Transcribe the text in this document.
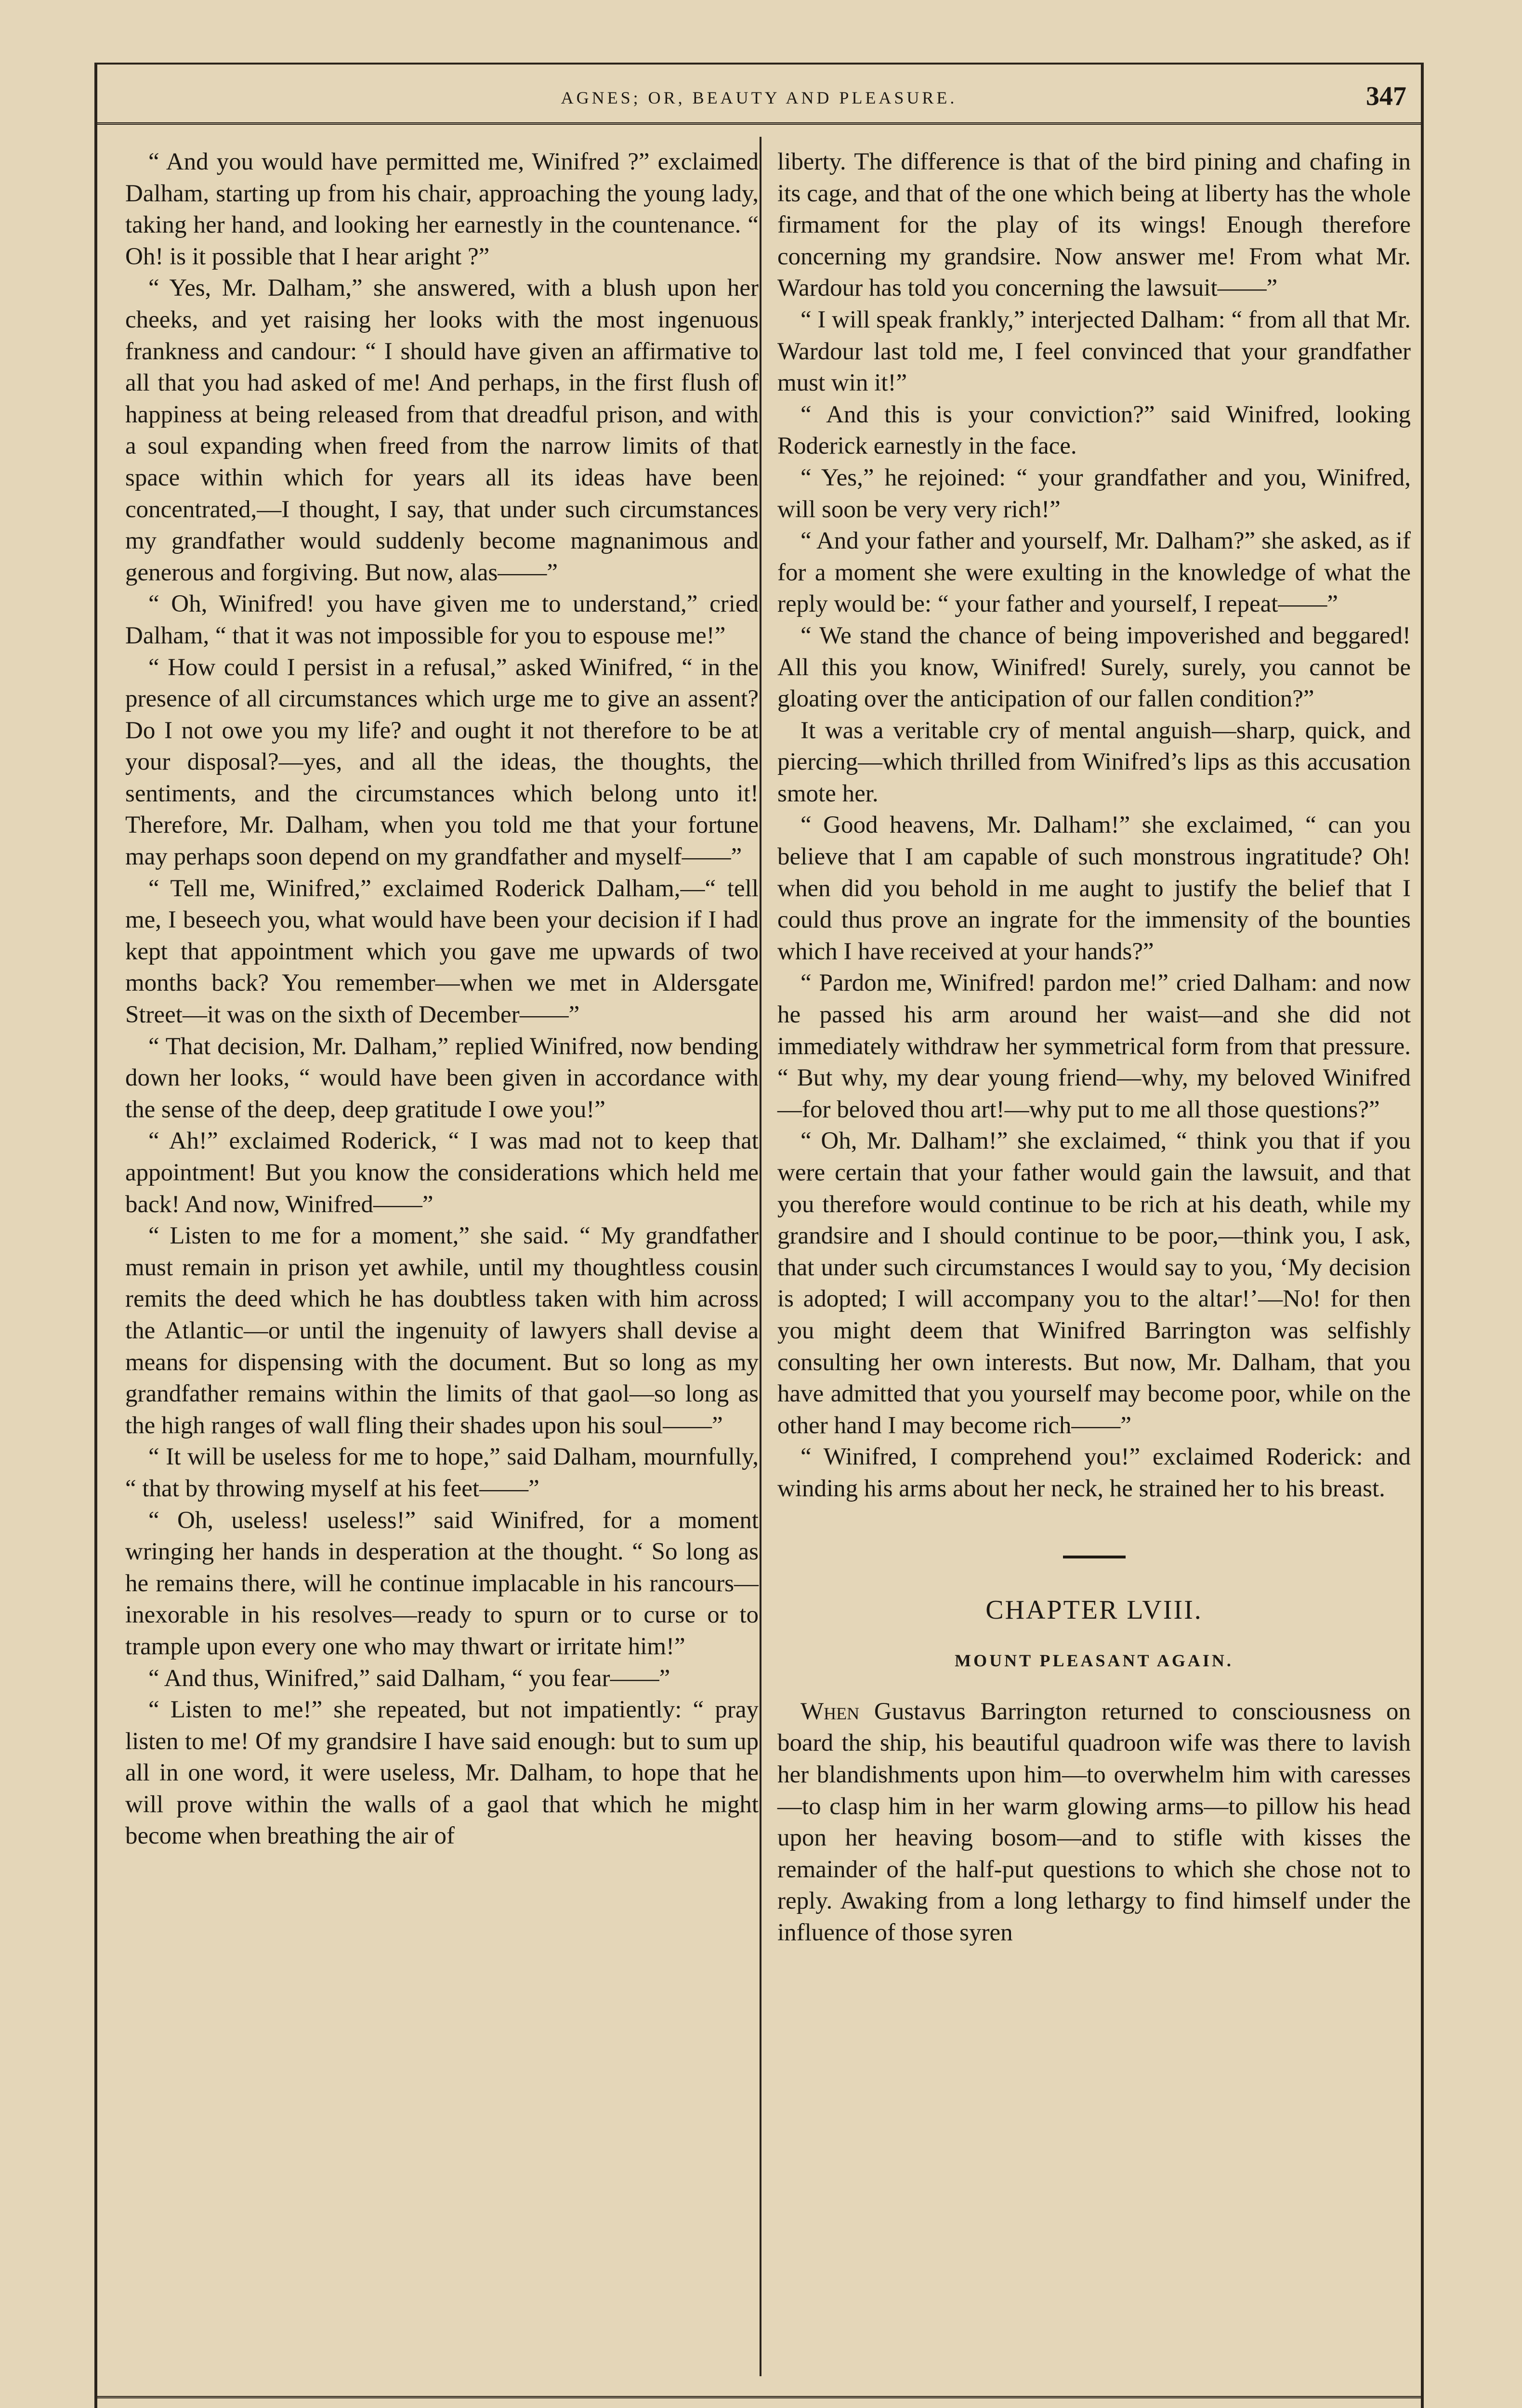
AGNES; OR, BEAUTY AND PLEASURE.	347

“ And you would have permitted me, Winifred ?” exclaimed Dalham, starting up from his chair, approaching the young lady, taking her hand, and looking her earnestly in the countenance. “ Oh! is it possible that I hear aright ?”

“ Yes, Mr. Dalham,” she answered, with a blush upon her cheeks, and yet raising her looks with the most ingenuous frankness and candour: “ I should have given an affirmative to all that you had asked of me! And perhaps, in the first flush of happiness at being released from that dreadful prison, and with a soul expanding when freed from the narrow limits of that space within which for years all its ideas have been concentrated,—I thought, I say, that under such circumstances my grandfather would suddenly become magnanimous and generous and forgiving. But now, alas——”

“ Oh, Winifred! you have given me to understand,” cried Dalham, “ that it was not impossible for you to espouse me!”

“ How could I persist in a refusal,” asked Winifred, “ in the presence of all circumstances which urge me to give an assent? Do I not owe you my life? and ought it not therefore to be at your disposal?—yes, and all the ideas, the thoughts, the sentiments, and the circumstances which belong unto it! Therefore, Mr. Dalham, when you told me that your fortune may perhaps soon depend on my grandfather and myself——”

“ Tell me, Winifred,” exclaimed Roderick Dalham,—“ tell me, I beseech you, what would have been your decision if I had kept that appointment which you gave me upwards of two months back? You remember—when we met in Aldersgate Street—it was on the sixth of December——”

“ That decision, Mr. Dalham,” replied Winifred, now bending down her looks, “ would have been given in accordance with the sense of the deep, deep gratitude I owe you!”

“ Ah!” exclaimed Roderick, “ I was mad not to keep that appointment! But you know the considerations which held me back! And now, Winifred——”

“ Listen to me for a moment,” she said. “ My grandfather must remain in prison yet awhile, until my thoughtless cousin remits the deed which he has doubtless taken with him across the Atlantic—or until the ingenuity of lawyers shall devise a means for dispensing with the document. But so long as my grandfather remains within the limits of that gaol—so long as the high ranges of wall fling their shades upon his soul——”

“ It will be useless for me to hope,” said Dalham, mournfully, “ that by throwing myself at his feet——”

“ Oh, useless! useless!” said Winifred, for a moment wringing her hands in desperation at the thought. “ So long as he remains there, will he continue implacable in his rancours—inexorable in his resolves—ready to spurn or to curse or to trample upon every one who may thwart or irritate him!”

“ And thus, Winifred,” said Dalham, “ you fear——”

“ Listen to me!” she repeated, but not impatiently: “ pray listen to me! Of my grandsire I have said enough: but to sum up all in one word, it were useless, Mr. Dalham, to hope that he will prove within the walls of a gaol that which he might become when breathing the air of

liberty. The difference is that of the bird pining and chafing in its cage, and that of the one which being at liberty has the whole firmament for the play of its wings! Enough therefore concerning my grandsire. Now answer me! From what Mr. Wardour has told you concerning the lawsuit——”

“ I will speak frankly,” interjected Dalham: “ from all that Mr. Wardour last told me, I feel convinced that your grandfather must win it!”

“ And this is your conviction?” said Winifred, looking Roderick earnestly in the face.

“ Yes,” he rejoined: “ your grandfather and you, Winifred, will soon be very very rich!”

“ And your father and yourself, Mr. Dalham?” she asked, as if for a moment she were exulting in the knowledge of what the reply would be: “ your father and yourself, I repeat——”

“ We stand the chance of being impoverished and beggared! All this you know, Winifred! Surely, surely, you cannot be gloating over the anticipation of our fallen condition?”

It was a veritable cry of mental anguish—sharp, quick, and piercing—which thrilled from Winifred’s lips as this accusation smote her.

“ Good heavens, Mr. Dalham!” she exclaimed, “ can you believe that I am capable of such monstrous ingratitude? Oh! when did you behold in me aught to justify the belief that I could thus prove an ingrate for the immensity of the bounties which I have received at your hands?”

“ Pardon me, Winifred! pardon me!” cried Dalham: and now he passed his arm around her waist—and she did not immediately withdraw her symmetrical form from that pressure. “ But why, my dear young friend—why, my beloved Winifred—for beloved thou art!—why put to me all those questions?”

“ Oh, Mr. Dalham!” she exclaimed, “ think you that if you were certain that your father would gain the lawsuit, and that you therefore would continue to be rich at his death, while my grandsire and I should continue to be poor,—think you, I ask, that under such circumstances I would say to you, ‘My decision is adopted; I will accompany you to the altar!’—No! for then you might deem that Winifred Barrington was selfishly consulting her own interests. But now, Mr. Dalham, that you have admitted that you yourself may become poor, while on the other hand I may become rich——”

“ Winifred, I comprehend you!” exclaimed Roderick: and winding his arms about her neck, he strained her to his breast.

CHAPTER LVIII.
MOUNT PLEASANT AGAIN.

When Gustavus Barrington returned to consciousness on board the ship, his beautiful quadroon wife was there to lavish her blandishments upon him—to overwhelm him with caresses—to clasp him in her warm glowing arms—to pillow his head upon her heaving bosom—and to stifle with kisses the remainder of the half-put questions to which she chose not to reply. Awaking from a long lethargy to find himself under the influence of those syren
